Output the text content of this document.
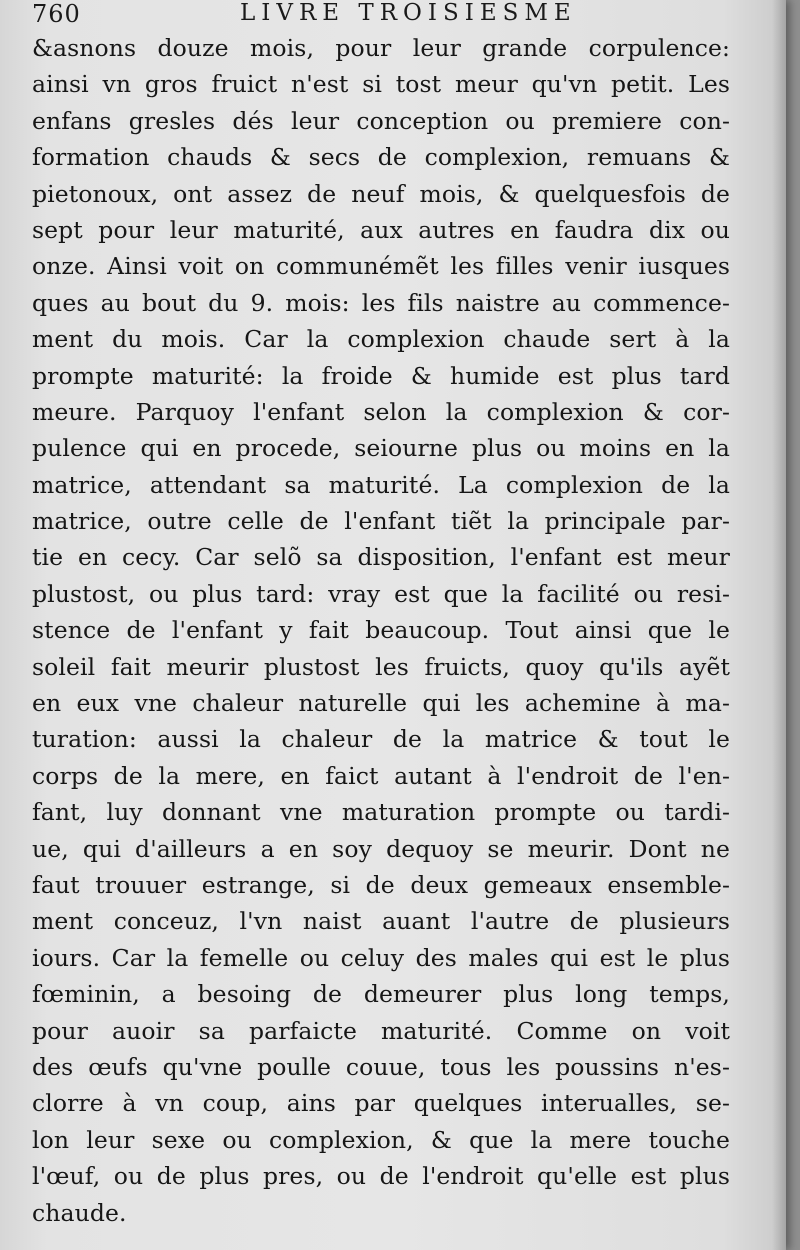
760	LIVRE TROISIESME
&asnons douze mois, pour leur grande corpulence:
ainsi vn gros fruict n'est si tost meur qu'vn petit. Les
enfans gresles dés leur conception ou premiere con-
formation chauds & secs de complexion, remuans &
pietonoux, ont assez de neuf mois, & quelquesfois de
sept pour leur maturité, aux autres en faudra dix ou
onze. Ainsi voit on communémẽt les filles venir iusques
ques au bout du 9. mois: les fils naistre au commence-
ment du mois. Car la complexion chaude sert à la
prompte maturité: la froide & humide est plus tard
meure. Parquoy l'enfant selon la complexion & cor-
pulence qui en procede, seiourne plus ou moins en la
matrice, attendant sa maturité. La complexion de la
matrice, outre celle de l'enfant tiẽt la principale par-
tie en cecy. Car selõ sa disposition, l'enfant est meur
plustost, ou plus tard: vray est que la facilité ou resi-
stence de l'enfant y fait beaucoup. Tout ainsi que le
soleil fait meurir plustost les fruicts, quoy qu'ils ayẽt
en eux vne chaleur naturelle qui les achemine à ma-
turation: aussi la chaleur de la matrice & tout le
corps de la mere, en faict autant à l'endroit de l'en-
fant, luy donnant vne maturation prompte ou tardi-
ue, qui d'ailleurs a en soy dequoy se meurir. Dont ne
faut trouuer estrange, si de deux gemeaux ensemble-
ment conceuz, l'vn naist auant l'autre de plusieurs
iours. Car la femelle ou celuy des males qui est le plus
fœminin, a besoing de demeurer plus long temps,
pour auoir sa parfaicte maturité. Comme on voit
des œufs qu'vne poulle couue, tous les poussins n'es-
clorre à vn coup, ains par quelques interualles, se-
lon leur sexe ou complexion, & que la mere touche
l'œuf, ou de plus pres, ou de l'endroit qu'elle est plus
chaude.
